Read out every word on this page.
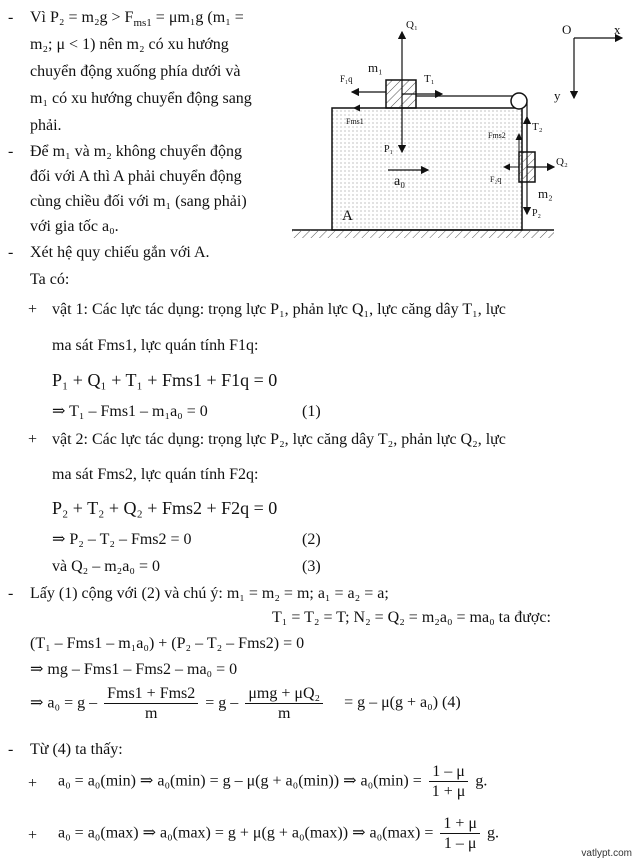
- Vì $P_2 = m_2g > F_{ms1} = \mu m_1g$ (m₁ =
m₂; μ < 1) nên m₂ có xu hướng
chuyển động xuống phía dưới và
m₁ có xu hướng chuyển động sang
phải.
- Để m₁ và m₂ không chuyển động
đối với A thì A phải chuyển động
cùng chiều đối với m₁ (sang phải)
với gia tốc a₀.
Q₁
m₁
F₁q	T₁
Fms1
P₁
a₀
A
T₂
Fms2
Q₂
F₂q
m₂
P₂
O	x
y
- Xét hệ quy chiếu gắn với A.
Ta có:
+ vật 1: Các lực tác dụng: trọng lực P₁, phản lực Q₁, lực căng dây T₁, lực
ma sát Fms1, lực quán tính F1q:
P₁ + Q₁ + T₁ + Fms1 + F1q = 0
⇒ T₁ – Fms1 – m₁a₀ = 0	(1)
+ vật 2: Các lực tác dụng: trọng lực P₂, lực căng dây T₂, phản lực Q₂, lực
ma sát Fms2, lực quán tính F2q:
P₂ + T₂ + Q₂ + Fms2 + F2q = 0
⇒ P₂ – T₂ – Fms2 = 0	(2)
và Q₂ – m₂a₀ = 0	(3)
- Lấy (1) cộng với (2) và chú ý: m₁ = m₂ = m; a₁ = a₂ = a;
T₁ = T₂ = T; N₂ = Q₂ = m₂a₀ = ma₀ ta được:
(T₁ – Fms1 – m₁a₀) + (P₂ – T₂ – Fms2) = 0
⇒ mg – Fms1 – Fms2 – ma₀ = 0
⇒ $a_0 = g - \frac{\text{Fms1 + Fms2}}{m} = g - \frac{\text{μmg + μQ₂}}{m} = g - \mu(g + a_0)$ (4)
- Từ (4) ta thấy:
+ a₀ = a₀(min) ⇒ a₀(min) = g – μ(g + a₀(min)) ⇒ $a_0(\min) = \frac{1 - \mu}{1 + \mu} g$.
+ a₀ = a₀(max) ⇒ a₀(max) = g + μ(g + a₀(max)) ⇒ $a_0(\max) = \frac{1 + \mu}{1 - \mu} g$.
vatlypt.com
